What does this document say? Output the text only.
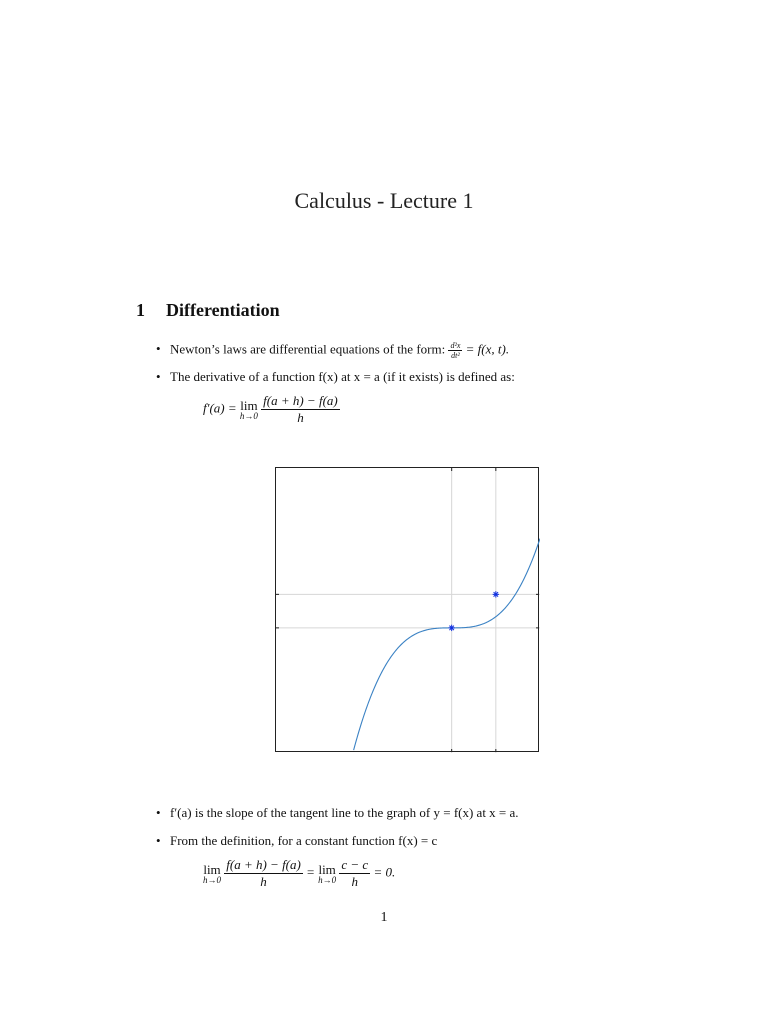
Calculus - Lecture 1
1 Differentiation
• Newton’s laws are differential equations of the form: $\frac{\text{d²x}}{\text{dt²}} = f(x$, t).
• The derivative of a function f(x) at x = a (if it exists) is defined as:
f′(a) = lim
h→0
$\frac{f(a + h) - f(a)}{h}$
• f′(a) is the slope of the tangent line to the graph of y = f(x) at x = a.
• From the definition, for a constant function f(x) = c
lim
h→0
$\frac{f(a + h) - f(a)}{h} = \lim$
h→0
$\frac{c - c}{h} = 0$.
1
